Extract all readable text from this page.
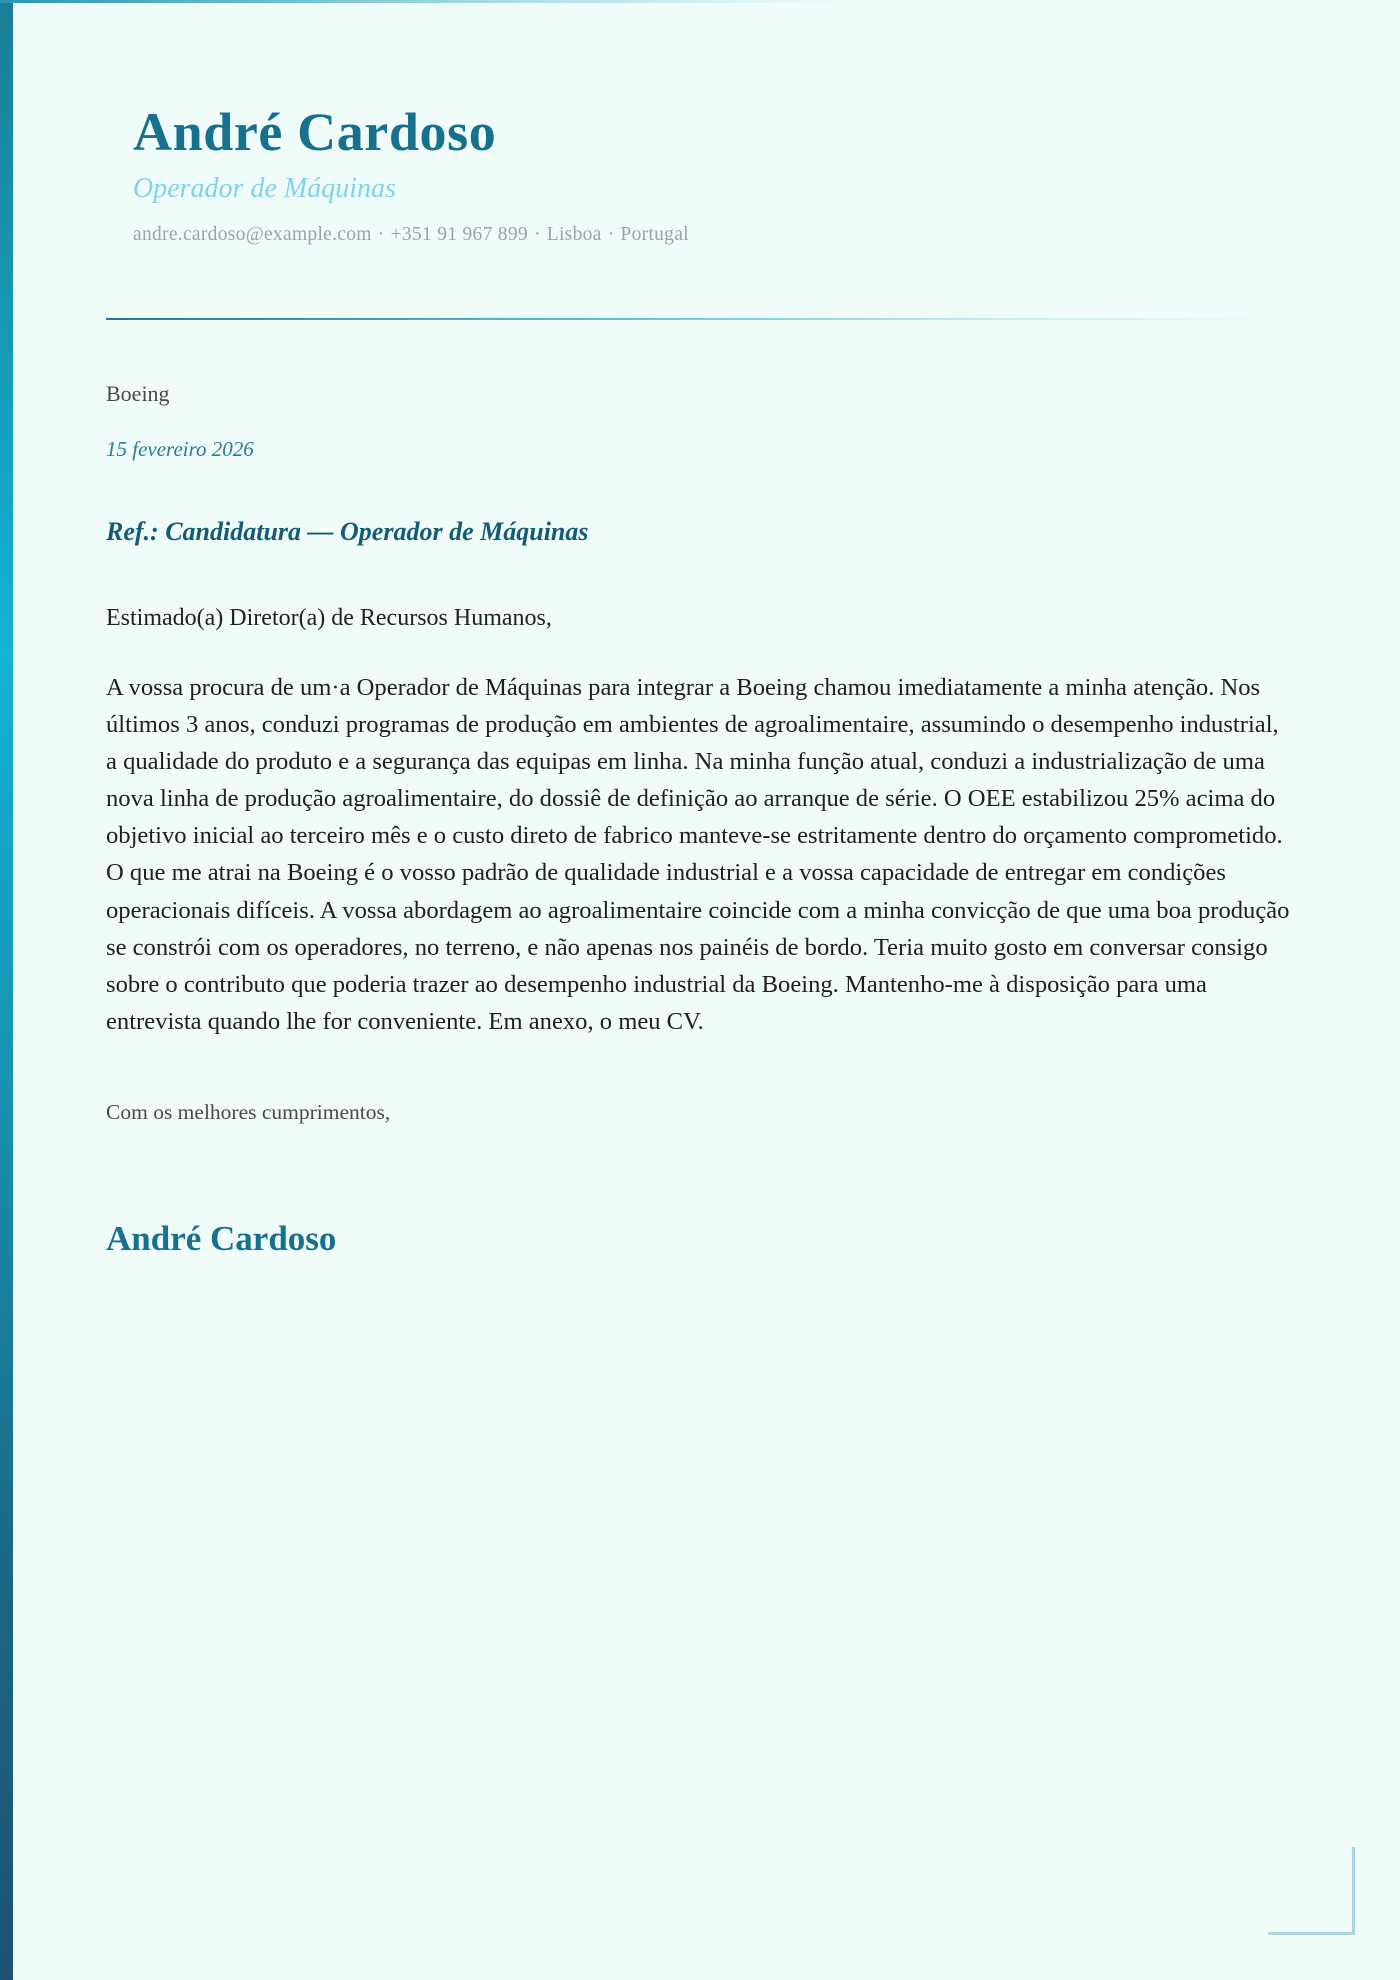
André Cardoso
Operador de Máquinas
andre.cardoso@example.com · +351 91 967 899 · Lisboa · Portugal
Boeing
15 fevereiro 2026
Ref.: Candidatura — Operador de Máquinas
Estimado(a) Diretor(a) de Recursos Humanos,

A vossa procura de um·a Operador de Máquinas para integrar a Boeing chamou imediatamente a minha atenção. Nos últimos 3 anos, conduzi programas de produção em ambientes de agroalimentaire, assumindo o desempenho industrial, a qualidade do produto e a segurança das equipas em linha. Na minha função atual, conduzi a industrialização de uma nova linha de produção agroalimentaire, do dossiê de definição ao arranque de série. O OEE estabilizou 25% acima do objetivo inicial ao terceiro mês e o custo direto de fabrico manteve-se estritamente dentro do orçamento comprometido. O que me atrai na Boeing é o vosso padrão de qualidade industrial e a vossa capacidade de entregar em condições operacionais difíceis. A vossa abordagem ao agroalimentaire coincide com a minha convicção de que uma boa produção se constrói com os operadores, no terreno, e não apenas nos painéis de bordo. Teria muito gosto em conversar consigo sobre o contributo que poderia trazer ao desempenho industrial da Boeing. Mantenho-me à disposição para uma entrevista quando lhe for conveniente. Em anexo, o meu CV.

Com os melhores cumprimentos,
André Cardoso
